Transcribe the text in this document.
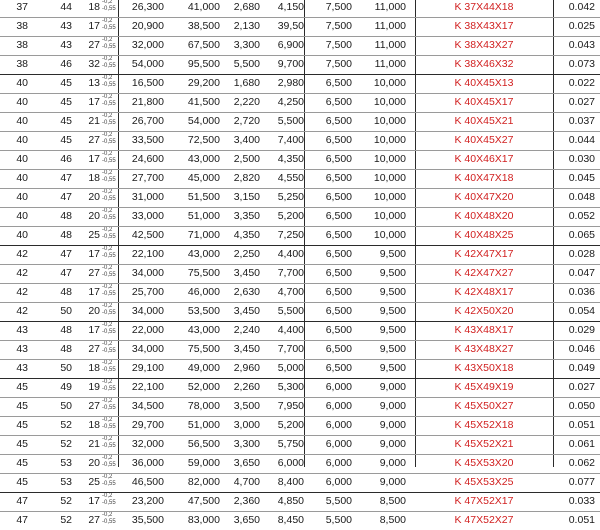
37	44	18	26,300	41,000	2,680	4,150	7,500	11,000	K 37X44X18	0.042
-0,2
-0,55
38	43	17	20,900	38,500	2,130	39,50	7,500	11,000	K 38X43X17	0.025
-0,2
-0,55
38	43	27	32,000	67,500	3,300	6,900	7,500	11,000	K 38X43X27	0.043
-0,2
-0,55
38	46	32	54,000	95,500	5,500	9,700	7,500	11,000	K 38X46X32	0.073
-0,2
-0,55
40	45	13	16,500	29,200	1,680	2,980	6,500	10,000	K 40X45X13	0.022
-0,2
-0,55
40	45	17	21,800	41,500	2,220	4,250	6,500	10,000	K 40X45X17	0.027
-0,2
-0,55
40	45	21	26,700	54,000	2,720	5,500	6,500	10,000	K 40X45X21	0.037
-0,2
-0,55
40	45	27	33,500	72,500	3,400	7,400	6,500	10,000	K 40X45X27	0.044
-0,2
-0,55
40	46	17	24,600	43,000	2,500	4,350	6,500	10,000	K 40X46X17	0.030
-0,2
-0,55
40	47	18	27,700	45,000	2,820	4,550	6,500	10,000	K 40X47X18	0.045
-0,2
-0,55
40	47	20	31,000	51,500	3,150	5,250	6,500	10,000	K 40X47X20	0.048
-0,2
-0,55
40	48	20	33,000	51,000	3,350	5,200	6,500	10,000	K 40X48X20	0.052
-0,2
-0,55
40	48	25	42,500	71,000	4,350	7,250	6,500	10,000	K 40X48X25	0.065
-0,2
-0,55
42	47	17	22,100	43,000	2,250	4,400	6,500	9,500	K 42X47X17	0.028
-0,2
-0,55
42	47	27	34,000	75,500	3,450	7,700	6,500	9,500	K 42X47X27	0.047
-0,2
-0,55
42	48	17	25,700	46,000	2,630	4,700	6,500	9,500	K 42X48X17	0.036
-0,2
-0,55
42	50	20	34,000	53,500	3,450	5,500	6,500	9,500	K 42X50X20	0.054
-0,2
-0,55
43	48	17	22,000	43,000	2,240	4,400	6,500	9,500	K 43X48X17	0.029
-0,2
-0,55
43	48	27	34,000	75,500	3,450	7,700	6,500	9,500	K 43X48X27	0.046
-0,2
-0,55
43	50	18	29,100	49,000	2,960	5,000	6,500	9,500	K 43X50X18	0.049
-0,2
-0,55
45	49	19	22,100	52,000	2,260	5,300	6,000	9,000	K 45X49X19	0.027
-0,2
-0,55
45	50	27	34,500	78,000	3,500	7,950	6,000	9,000	K 45X50X27	0.050
-0,2
-0,55
45	52	18	29,700	51,000	3,000	5,200	6,000	9,000	K 45X52X18	0.051
-0,2
-0,55
45	52	21	32,000	56,500	3,300	5,750	6,000	9,000	K 45X52X21	0.061
-0,2
-0,55
45	53	20	36,000	59,000	3,650	6,000	6,000	9,000	K 45X53X20	0.062
-0,2
-0,55
45	53	25	46,500	82,000	4,700	8,400	6,000	9,000	K 45X53X25	0.077
-0,2
-0,55
47	52	17	23,200	47,500	2,360	4,850	5,500	8,500	K 47X52X17	0.033
-0,2
-0,55
47	52	27	35,500	83,000	3,650	8,450	5,500	8,500	K 47X52X27	0.051
-0,2
-0,55
